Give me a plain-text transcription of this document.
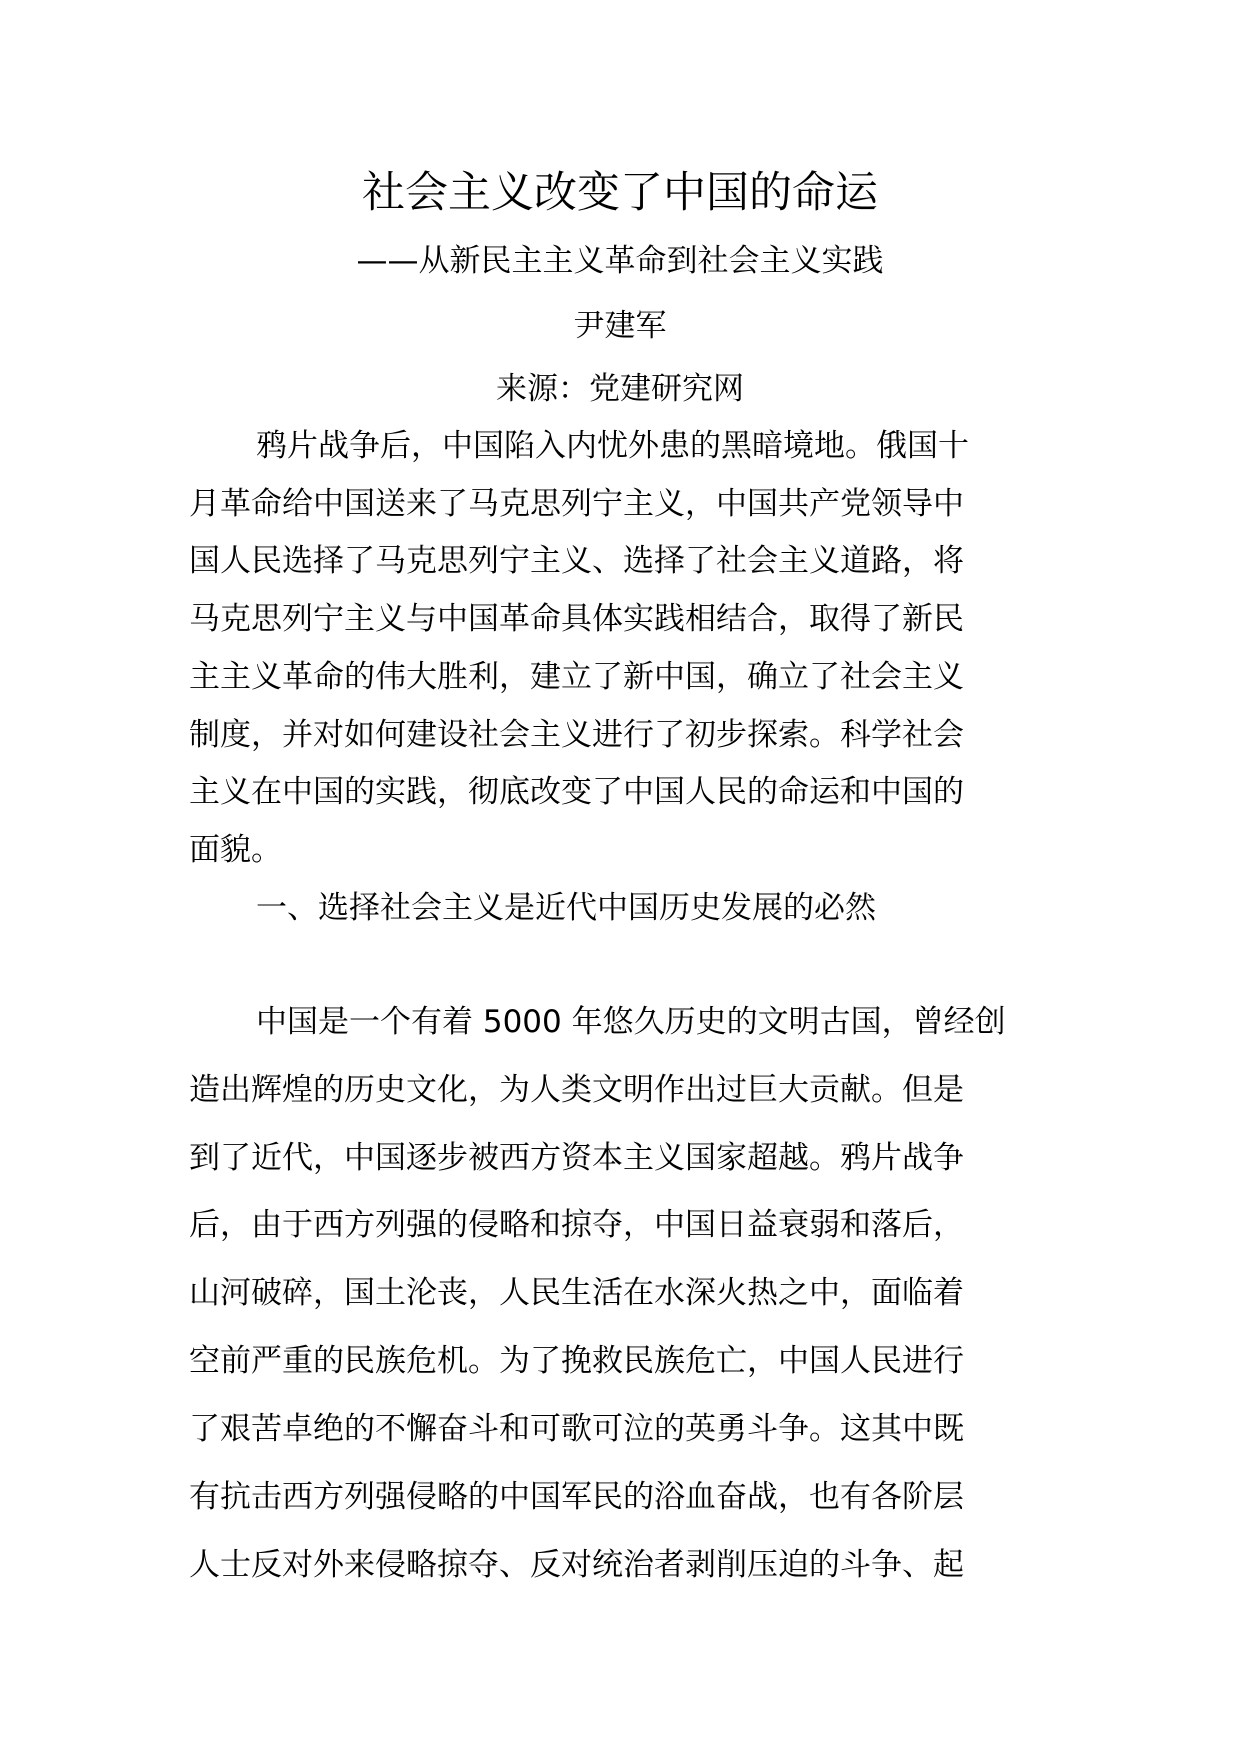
社会主义改变了中国的命运
——从新民主主义革命到社会主义实践
尹建军
来源：党建研究网
鸦片战争后，中国陷入内忧外患的黑暗境地。俄国十
月革命给中国送来了马克思列宁主义，中国共产党领导中
国人民选择了马克思列宁主义、选择了社会主义道路，将
马克思列宁主义与中国革命具体实践相结合，取得了新民
主主义革命的伟大胜利，建立了新中国，确立了社会主义
制度，并对如何建设社会主义进行了初步探索。科学社会
主义在中国的实践，彻底改变了中国人民的命运和中国的
面貌。
一、选择社会主义是近代中国历史发展的必然
中国是一个有着 5000 年悠久历史的文明古国，曾经创
造出辉煌的历史文化，为人类文明作出过巨大贡献。但是
到了近代，中国逐步被西方资本主义国家超越。鸦片战争
后，由于西方列强的侵略和掠夺，中国日益衰弱和落后，
山河破碎，国土沦丧，人民生活在水深火热之中，面临着
空前严重的民族危机。为了挽救民族危亡，中国人民进行
了艰苦卓绝的不懈奋斗和可歌可泣的英勇斗争。这其中既
有抗击西方列强侵略的中国军民的浴血奋战，也有各阶层
人士反对外来侵略掠夺、反对统治者剥削压迫的斗争、起
